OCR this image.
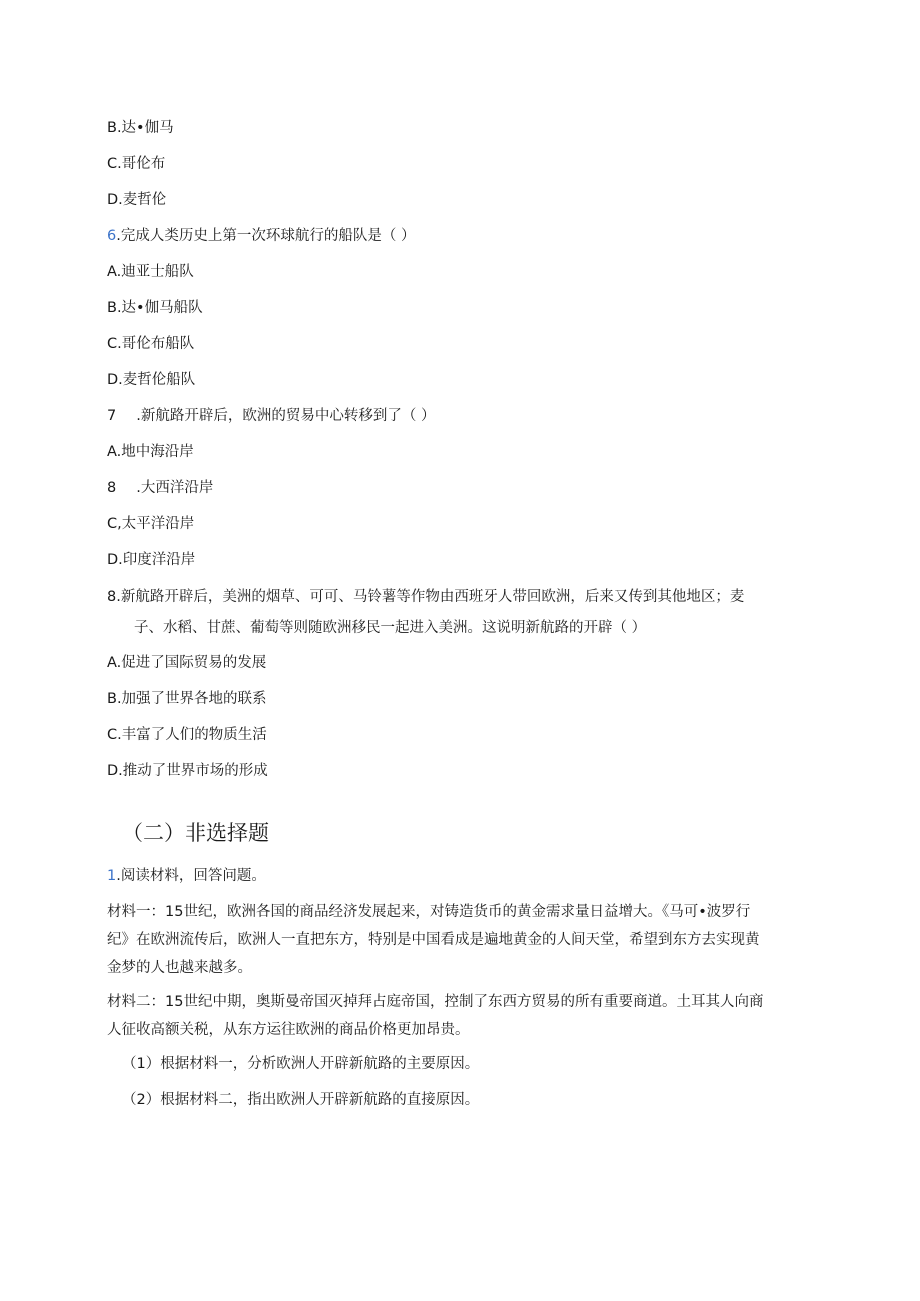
B.达•伽马

C.哥伦布

D.麦哲伦

6.完成人类历史上第一次环球航行的船队是（ ）

A.迪亚士船队

B.达•伽马船队

C.哥伦布船队

D.麦哲伦船队

7 .新航路开辟后，欧洲的贸易中心转移到了（ ）

A.地中海沿岸

8 .大西洋沿岸

C,太平洋沿岸

D.印度洋沿岸

8.新航路开辟后，美洲的烟草、可可、马铃薯等作物由西班牙人带回欧洲，后来又传到其他地区；麦

子、水稻、甘蔗、葡萄等则随欧洲移民一起进入美洲。这说明新航路的开辟（ ）

A.促进了国际贸易的发展

B.加强了世界各地的联系

C.丰富了人们的物质生活

D.推动了世界市场的形成

（二）非选择题

1.阅读材料，回答问题。

材料一：15世纪，欧洲各国的商品经济发展起来，对铸造货币的黄金需求量日益增大。《马可•波罗行

纪》在欧洲流传后，欧洲人一直把东方，特别是中国看成是遍地黄金的人间天堂，希望到东方去实现黄

金梦的人也越来越多。

材料二：15世纪中期，奥斯曼帝国灭掉拜占庭帝国，控制了东西方贸易的所有重要商道。土耳其人向商

人征收高额关税，从东方运往欧洲的商品价格更加昂贵。

（1）根据材料一，分析欧洲人开辟新航路的主要原因。

（2）根据材料二，指出欧洲人开辟新航路的直接原因。
